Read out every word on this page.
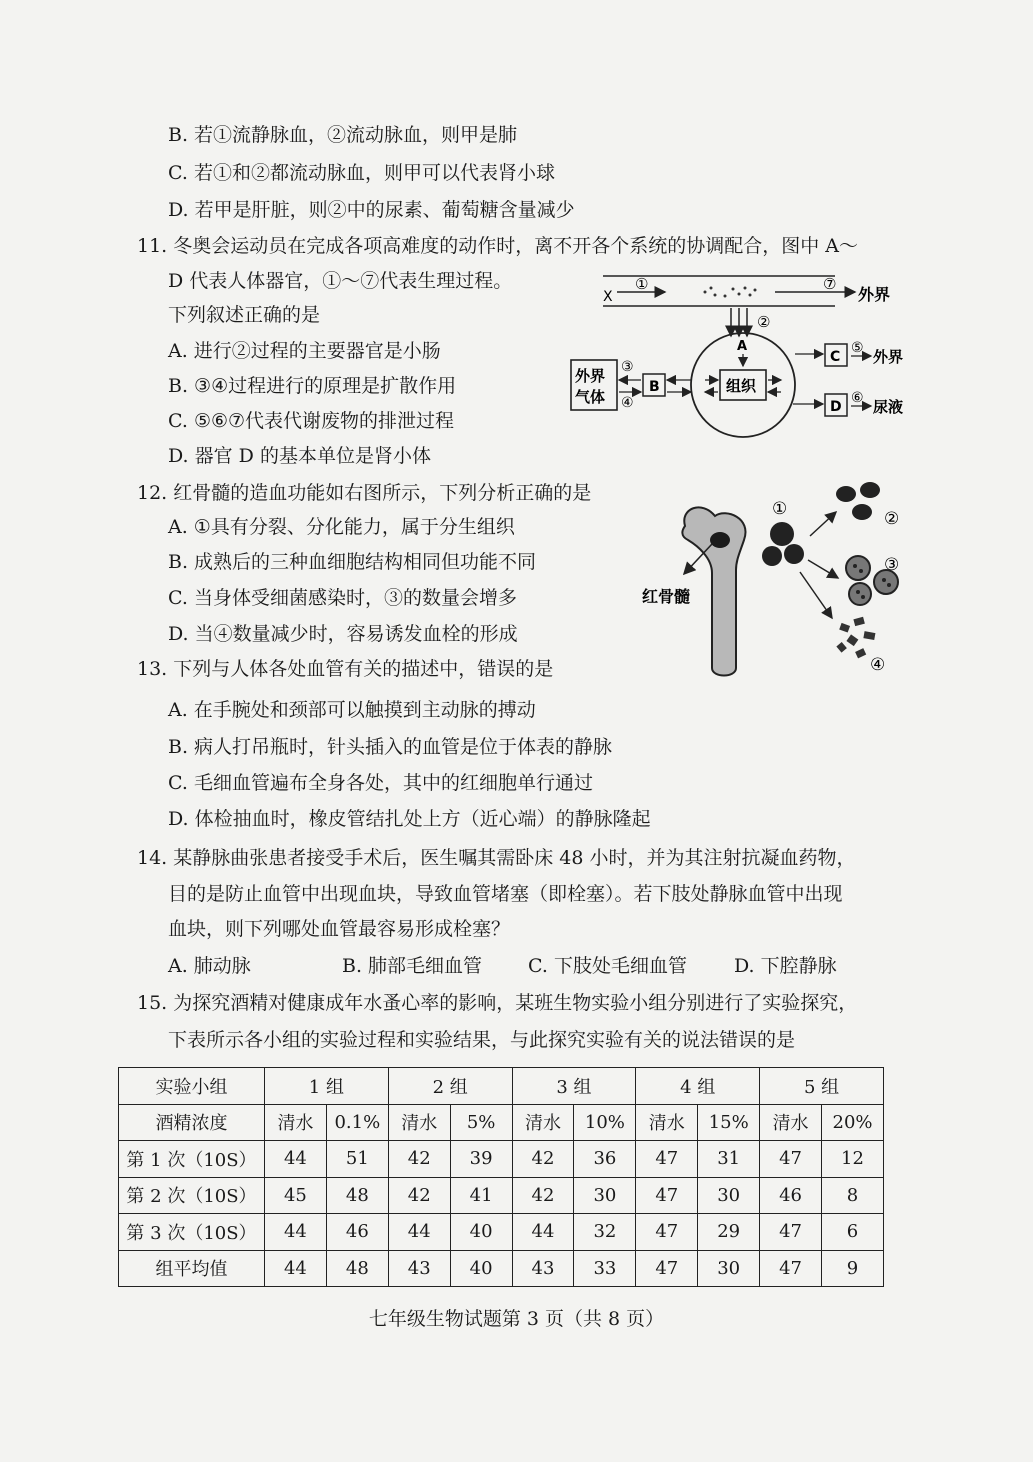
B. 若①流静脉血，②流动脉血，则甲是肺
C. 若①和②都流动脉血，则甲可以代表肾小球
D. 若甲是肝脏，则②中的尿素、葡萄糖含量减少
11. 冬奥会运动员在完成各项高难度的动作时，离不开各个系统的协调配合，图中 A～
D 代表人体器官，①～⑦代表生理过程。
下列叙述正确的是
A. 进行②过程的主要器官是小肠
B. ③④过程进行的原理是扩散作用
C. ⑤⑥⑦代表代谢废物的排泄过程
D. 器官 D 的基本单位是肾小体
X
①	⑦
外界
②
A
组织
外界
气体
③
④
B
C
⑤ 外界
D
⑥ 尿液
12. 红骨髓的造血功能如右图所示，下列分析正确的是
A. ①具有分裂、分化能力，属于分生组织
B. 成熟后的三种血细胞结构相同但功能不同
C. 当身体受细菌感染时，③的数量会增多
D. 当④数量减少时，容易诱发血栓的形成
红骨髓
①	②
③
④
13. 下列与人体各处血管有关的描述中，错误的是
A. 在手腕处和颈部可以触摸到主动脉的搏动
B. 病人打吊瓶时，针头插入的血管是位于体表的静脉
C. 毛细血管遍布全身各处，其中的红细胞单行通过
D. 体检抽血时，橡皮管结扎处上方（近心端）的静脉隆起
14. 某静脉曲张患者接受手术后，医生嘱其需卧床 48 小时，并为其注射抗凝血药物，
目的是防止血管中出现血块，导致血管堵塞（即栓塞）。若下肢处静脉血管中出现
血块，则下列哪处血管最容易形成栓塞？
A. 肺动脉	B. 肺部毛细血管 C. 下肢处毛细血管 D. 下腔静脉
15. 为探究酒精对健康成年水蚤心率的影响，某班生物实验小组分别进行了实验探究，
下表所示各小组的实验过程和实验结果，与此探究实验有关的说法错误的是
实验小组	1 组		2 组		3 组		4 组		5 组	
酒精浓度	清水	0.1%	清水	5%	清水	10%	清水	15%	清水	20%
第 1 次（10S）	44	51	42	39	42	36	47	31	47	12
第 2 次（10S）	45	48	42	41	42	30	47	30	46	8
第 3 次（10S）	44	46	44	40	44	32	47	29	47	6
组平均值	44	48	43	40	43	33	47	30	47	9
七年级生物试题第 3 页（共 8 页）
